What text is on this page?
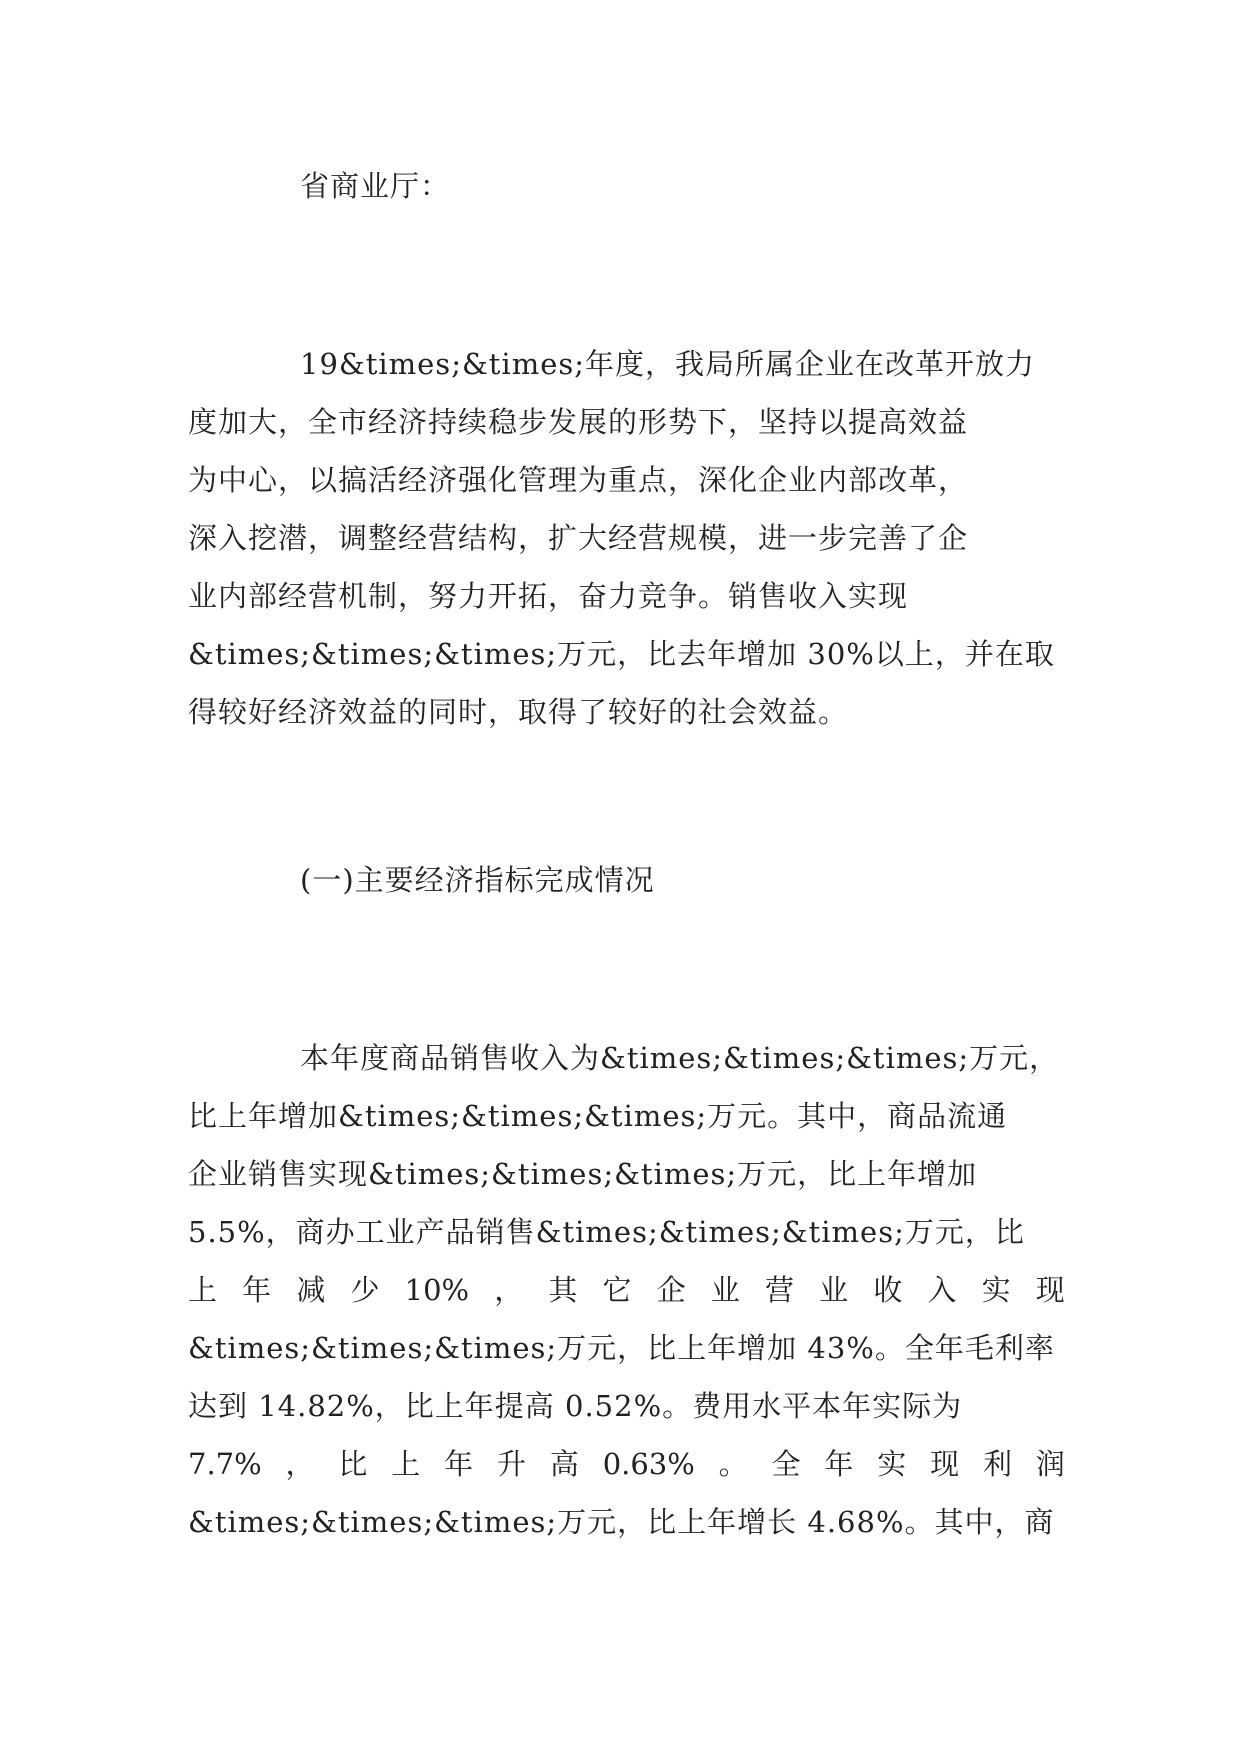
省商业厅：
19&times;&times;年度，我局所属企业在改革开放力
度加大，全市经济持续稳步发展的形势下，坚持以提高效益
为中心，以搞活经济强化管理为重点，深化企业内部改革，
深入挖潜，调整经营结构，扩大经营规模，进一步完善了企
业内部经营机制，努力开拓，奋力竞争。销售收入实现
&times;&times;&times;万元，比去年增加 30%以上，并在取
得较好经济效益的同时，取得了较好的社会效益。
(一)主要经济指标完成情况
本年度商品销售收入为&times;&times;&times;万元，
比上年增加&times;&times;&times;万元。其中，商品流通
企业销售实现&times;&times;&times;万元，比上年增加
5.5%，商办工业产品销售&times;&times;&times;万元，比
上 年 减 少 10% ， 其 它 企 业 营 业 收 入 实 现
&times;&times;&times;万元，比上年增加 43%。全年毛利率
达到 14.82%，比上年提高 0.52%。费用水平本年实际为
7.7% ， 比 上 年 升 高 0.63% 。 全 年 实 现 利 润
&times;&times;&times;万元，比上年增长 4.68%。其中，商
